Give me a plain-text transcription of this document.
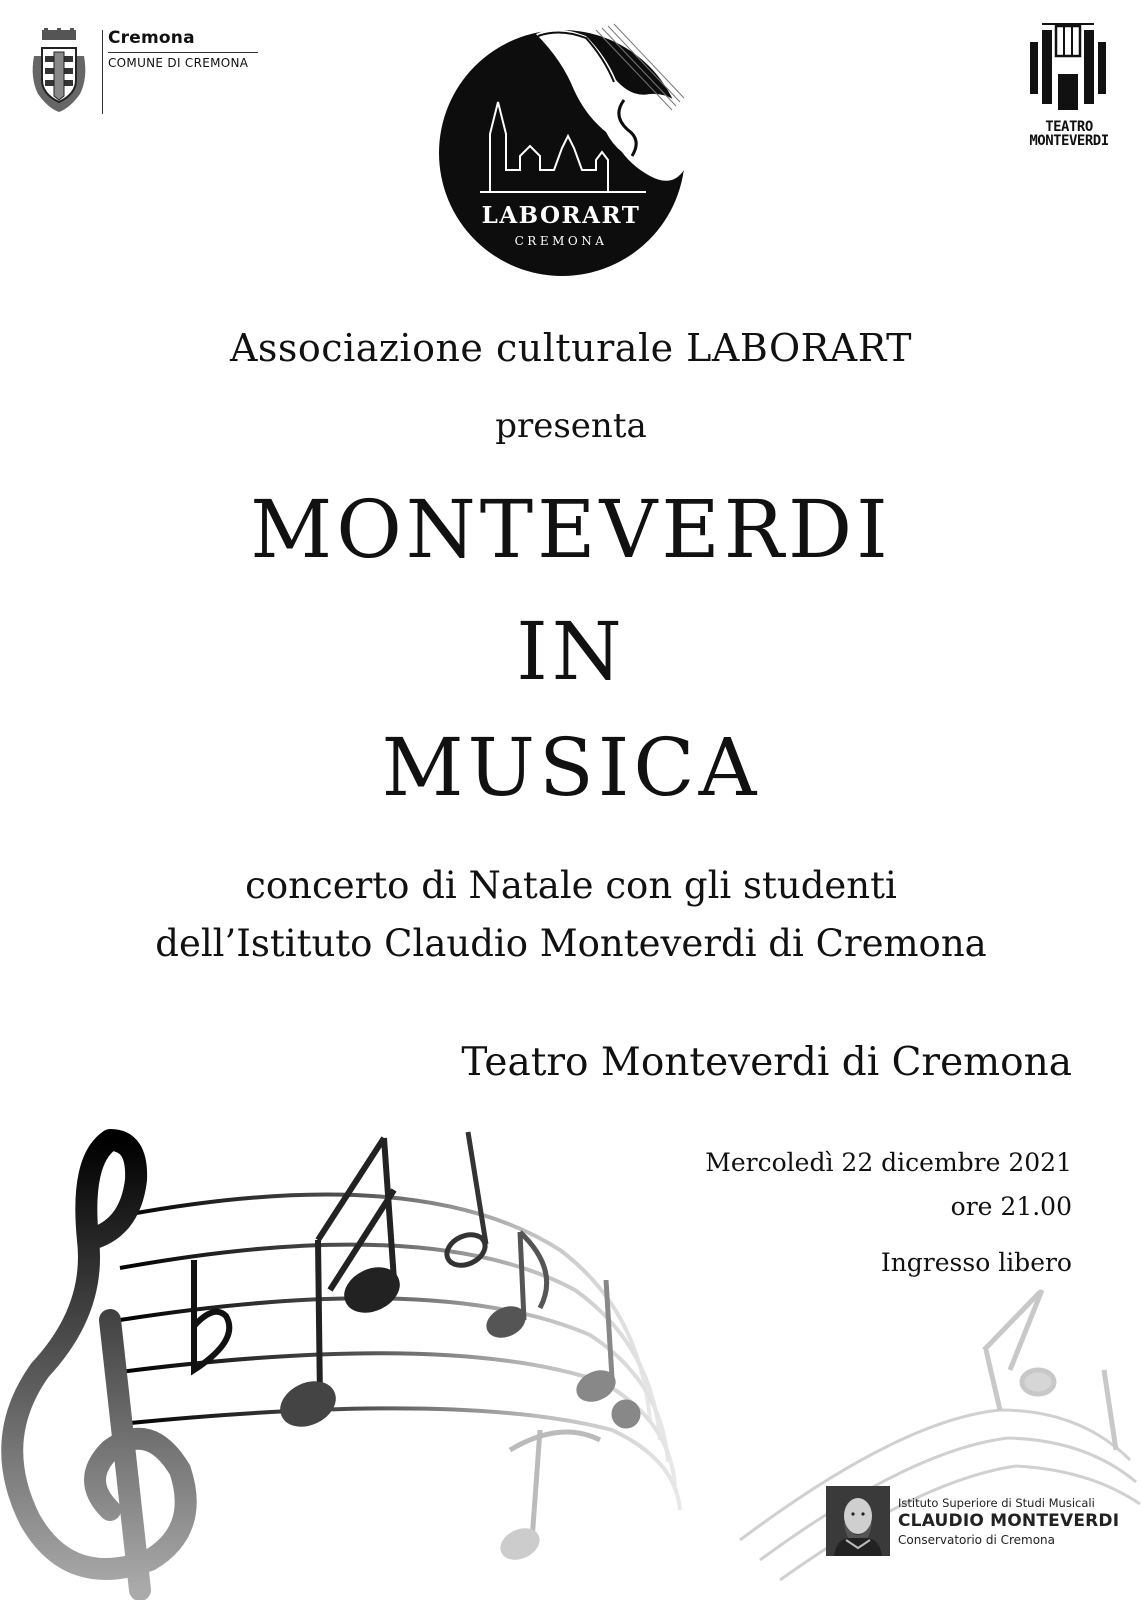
Cremona
COMUNE DI CREMONA
LABORART
CREMONA
TEATRO
MONTEVERDI
Associazione culturale LABORART
presenta
MONTEVERDI
IN
MUSICA
concerto di Natale con gli studenti
dell’Istituto Claudio Monteverdi di Cremona
Teatro Monteverdi di Cremona
Mercoledì 22 dicembre 2021
ore 21.00
Ingresso libero
Istituto Superiore di Studi Musicali
CLAUDIO MONTEVERDI
Conservatorio di Cremona
